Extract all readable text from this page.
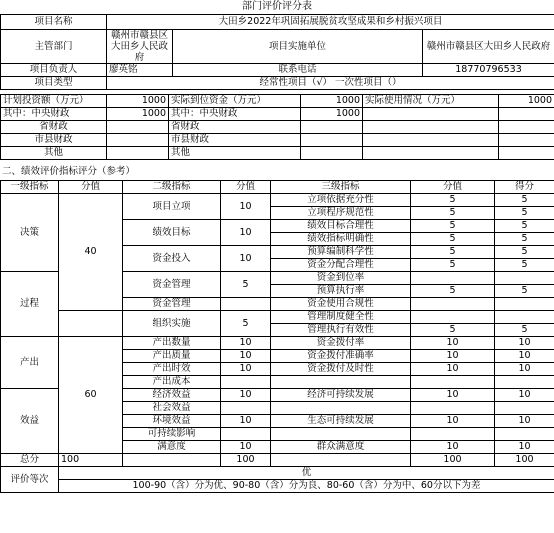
部门评价评分表
项目名称	大田乡2022年巩固拓展脱贫攻坚成果和乡村振兴项目		
主管部门	赣州市赣县区大田乡人民政府	项目实施单位	赣州市赣县区大田乡人民政府
项目负责人	廖英铭	联系电话	18770796533
项目类型	经常性项目（√） 一次性项目（）		
计划投资额（万元）	1000	实际到位资金（万元）	1000	实际使用情况（万元）	1000
其中：中央财政	1000	其中：中央财政	1000		
省财政		省财政			
市县财政		市县财政			
其他		其他			
二、绩效评价指标评分（参考）
一级指标	分值	二级指标	分值	三级指标	分值	得分
决策	40	项目立项	10	立项依据充分性	5	5
				立项程序规范性	5	5
		绩效目标	10	绩效目标合理性	5	5
				绩效指标明确性	5	5
		资金投入	10	预算编制科学性	5	5
				资金分配合理性	5	5
过程		资金管理	5	资金到位率		
				预算执行率	5	5
		资金管理		资金使用合规性		
		组织实施	5	管理制度健全性		
				管理执行有效性	5	5
产出	60	产出数量	10	资金拨付率	10	10
		产出质量	10	资金拨付准确率	10	10
		产出时效	10	资金拨付及时性	10	10
		产出成本				
效益		经济效益	10	经济可持续发展	10	10
		社会效益				
		环境效益	10	生态可持续发展	10	10
		可持续影响				
		满意度	10	群众满意度	10	10
总分	100		100		100	100
评价等次	优					
	100-90（含）分为优、90-80（含）分为良、80-60（含）分为中、60分以下为差					
